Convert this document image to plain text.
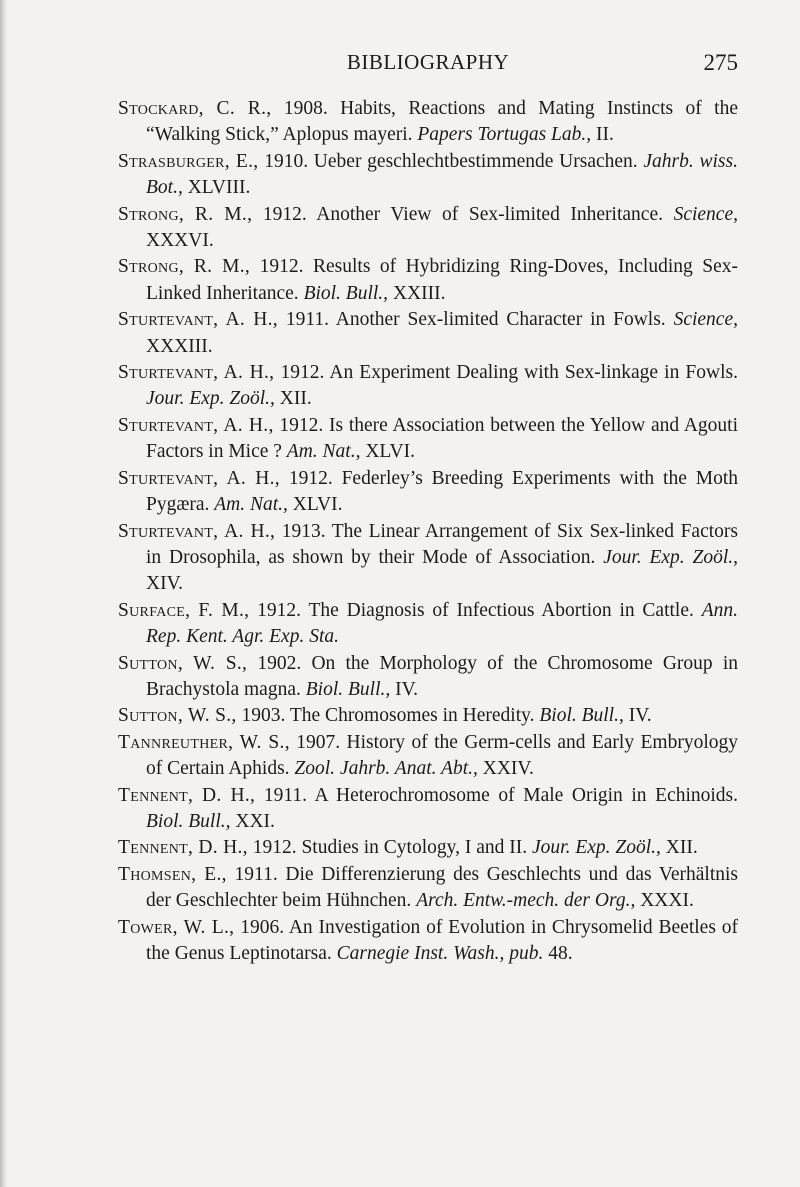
BIBLIOGRAPHY	275
Stockard, C. R., 1908. Habits, Reactions and Mating Instincts of the “Walking Stick,” Aplopus mayeri. Papers Tortugas Lab., II.
Strasburger, E., 1910. Ueber geschlechtbestimmende Ursachen. Jahrb. wiss. Bot., XLVIII.
Strong, R. M., 1912. Another View of Sex-limited Inheritance. Science, XXXVI.
Strong, R. M., 1912. Results of Hybridizing Ring-Doves, Including Sex-Linked Inheritance. Biol. Bull., XXIII.
Sturtevant, A. H., 1911. Another Sex-limited Character in Fowls. Science, XXXIII.
Sturtevant, A. H., 1912. An Experiment Dealing with Sex-linkage in Fowls. Jour. Exp. Zoöl., XII.
Sturtevant, A. H., 1912. Is there Association between the Yellow and Agouti Factors in Mice ? Am. Nat., XLVI.
Sturtevant, A. H., 1912. Federley’s Breeding Experiments with the Moth Pygæra. Am. Nat., XLVI.
Sturtevant, A. H., 1913. The Linear Arrangement of Six Sex-linked Factors in Drosophila, as shown by their Mode of Association. Jour. Exp. Zoöl., XIV.
Surface, F. M., 1912. The Diagnosis of Infectious Abortion in Cattle. Ann. Rep. Kent. Agr. Exp. Sta.
Sutton, W. S., 1902. On the Morphology of the Chromosome Group in Brachystola magna. Biol. Bull., IV.
Sutton, W. S., 1903. The Chromosomes in Heredity. Biol. Bull., IV.
Tannreuther, W. S., 1907. History of the Germ-cells and Early Embryology of Certain Aphids. Zool. Jahrb. Anat. Abt., XXIV.
Tennent, D. H., 1911. A Heterochromosome of Male Origin in Echinoids. Biol. Bull., XXI.
Tennent, D. H., 1912. Studies in Cytology, I and II. Jour. Exp. Zoöl., XII.
Thomsen, E., 1911. Die Differenzierung des Geschlechts und das Verhältnis der Geschlechter beim Hühnchen. Arch. Entw.-mech. der Org., XXXI.
Tower, W. L., 1906. An Investigation of Evolution in Chrysomelid Beetles of the Genus Leptinotarsa. Carnegie Inst. Wash., pub. 48.
